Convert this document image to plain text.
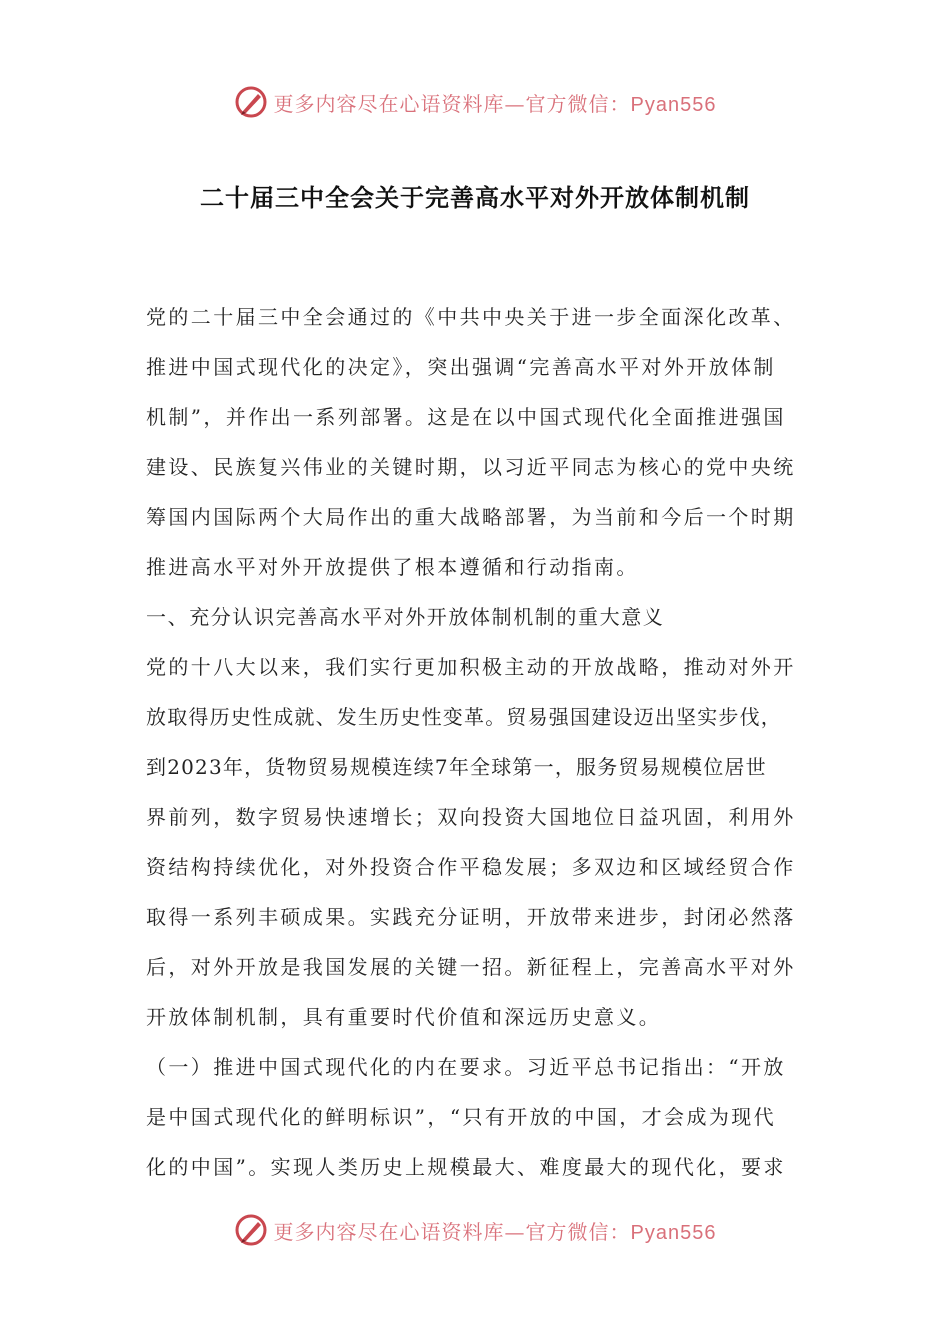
更多内容尽在心语资料库—官方微信：Pyan556
二十届三中全会关于完善高水平对外开放体制机制
党的二十届三中全会通过的《中共中央关于进一步全面深化改革、
推进中国式现代化的决定》，突出强调“完善高水平对外开放体制
机制”，并作出一系列部署。这是在以中国式现代化全面推进强国
建设、民族复兴伟业的关键时期，以习近平同志为核心的党中央统
筹国内国际两个大局作出的重大战略部署，为当前和今后一个时期
推进高水平对外开放提供了根本遵循和行动指南。
一、充分认识完善高水平对外开放体制机制的重大意义
党的十八大以来，我们实行更加积极主动的开放战略，推动对外开
放取得历史性成就、发生历史性变革。贸易强国建设迈出坚实步伐，
到2023年，货物贸易规模连续7年全球第一，服务贸易规模位居世
界前列，数字贸易快速增长；双向投资大国地位日益巩固，利用外
资结构持续优化，对外投资合作平稳发展；多双边和区域经贸合作
取得一系列丰硕成果。实践充分证明，开放带来进步，封闭必然落
后，对外开放是我国发展的关键一招。新征程上，完善高水平对外
开放体制机制，具有重要时代价值和深远历史意义。
（一）推进中国式现代化的内在要求。习近平总书记指出：“开放
是中国式现代化的鲜明标识”，“只有开放的中国，才会成为现代
化的中国”。实现人类历史上规模最大、难度最大的现代化，要求
更多内容尽在心语资料库—官方微信：Pyan556
